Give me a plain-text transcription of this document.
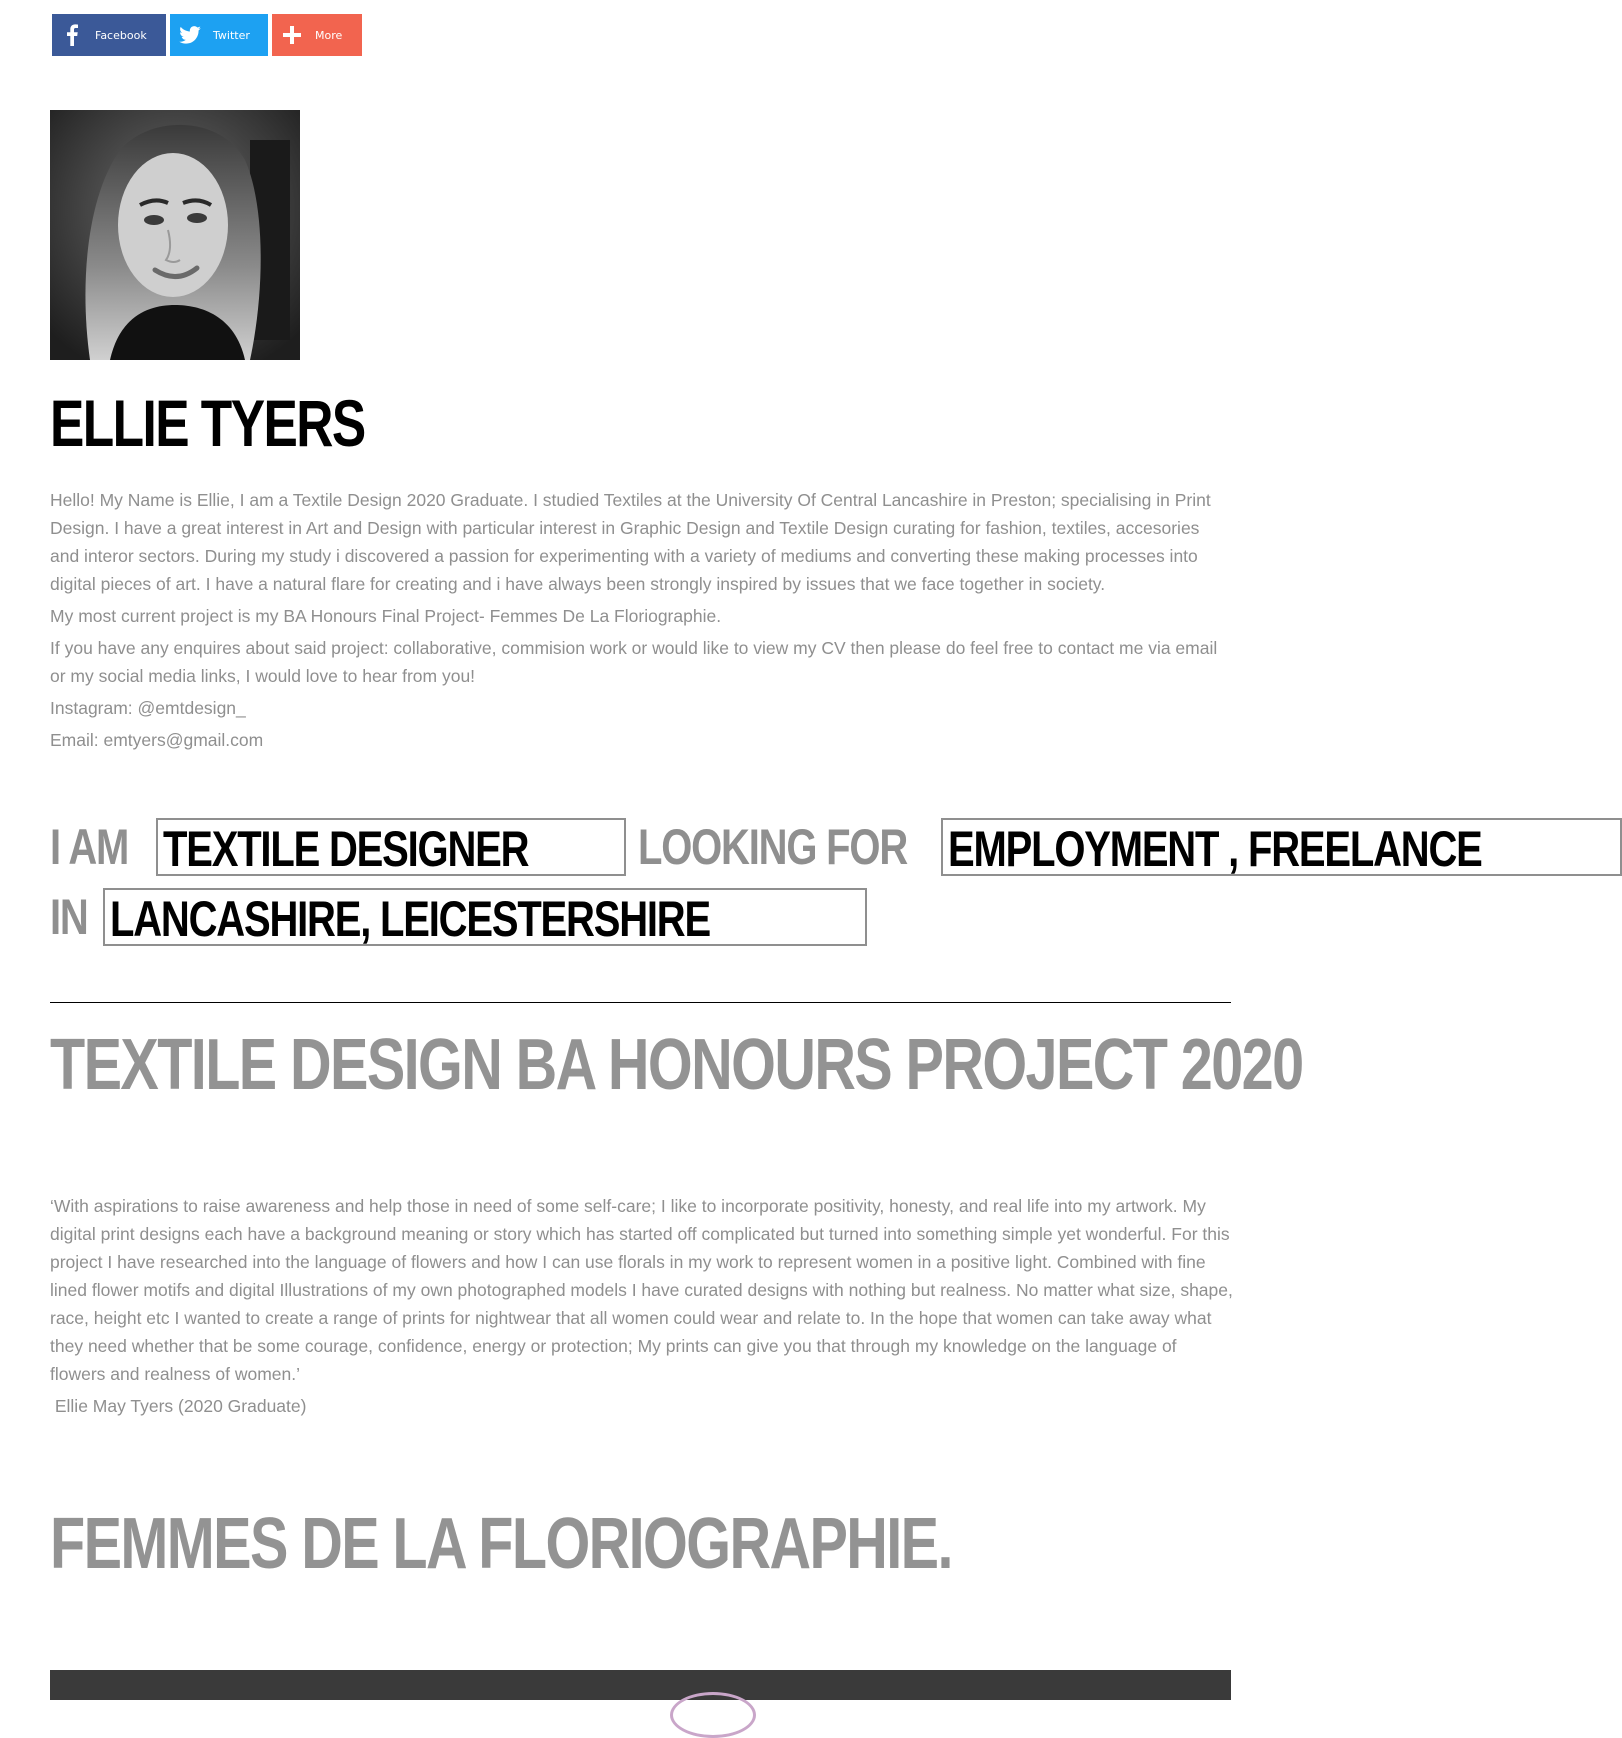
Facebook	Twitter	More
ELLIE TYERS

Hello! My Name is Ellie, I am a Textile Design 2020 Graduate. I studied Textiles at the University Of Central Lancashire in Preston; specialising in Print Design. I have a great interest in Art and Design with particular interest in Graphic Design and Textile Design curating for fashion, textiles, accesories and interor sectors. During my study i discovered a passion for experimenting with a variety of mediums and converting these making processes into digital pieces of art. I have a natural flare for creating and i have always been strongly inspired by issues that we face together in society.

My most current project is my BA Honours Final Project- Femmes De La Floriographie.

If you have any enquires about said project: collaborative, commision work or would like to view my CV then please do feel free to contact me via email or my social media links, I would love to hear from you!

Instagram: @emtdesign_

Email: emtyers@gmail.com

I AM TEXTILE DESIGNER	LOOKING FOR EMPLOYMENT , FREELANCE
IN LANCASHIRE, LEICESTERSHIRE
TEXTILE DESIGN BA HONOURS PROJECT 2020

‘With aspirations to raise awareness and help those in need of some self-care; I like to incorporate positivity, honesty, and real life into my artwork. My digital print designs each have a background meaning or story which has started off complicated but turned into something simple yet wonderful. For this project I have researched into the language of flowers and how I can use florals in my work to represent women in a positive light. Combined with fine lined flower motifs and digital Illustrations of my own photographed models I have curated designs with nothing but realness. No matter what size, shape, race, height etc I wanted to create a range of prints for nightwear that all women could wear and relate to. In the hope that women can take away what they need whether that be some courage, confidence, energy or protection; My prints can give you that through my knowledge on the language of flowers and realness of women.’

Ellie May Tyers (2020 Graduate)

FEMMES DE LA FLORIOGRAPHIE.
